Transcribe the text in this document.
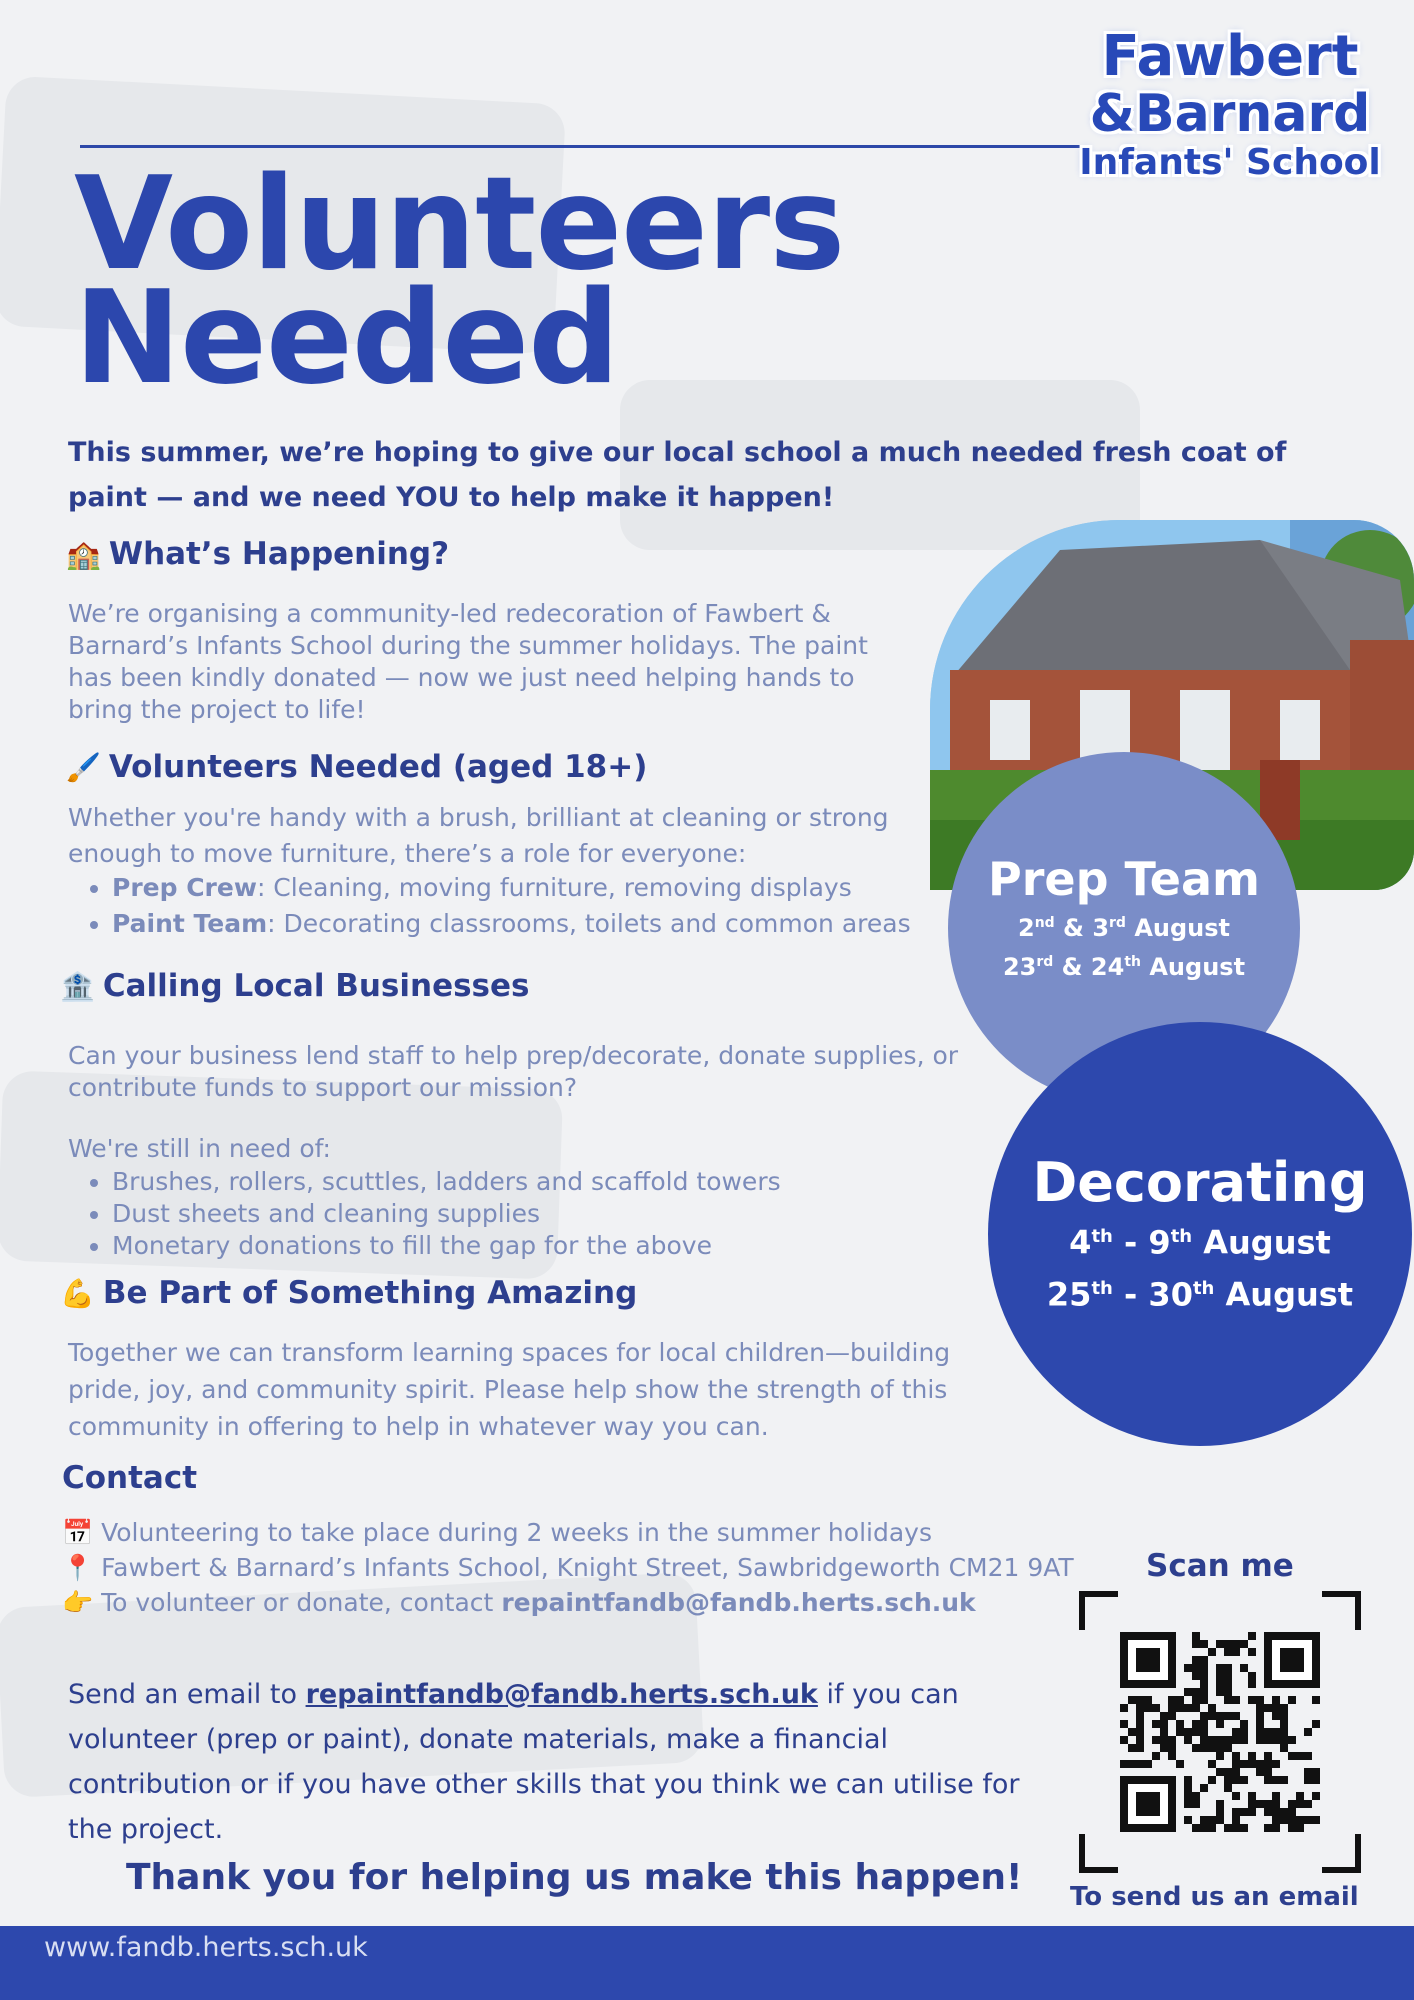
Fawbert
&Barnard
Infants' School
Volunteers
Needed

This summer, we’re hoping to give our local school a much needed fresh coat of paint — and we need YOU to help make it happen!

🏫 What’s Happening?

We’re organising a community-led redecoration of Fawbert & Barnard’s Infants School during the summer holidays. The paint has been kindly donated — now we just need helping hands to bring the project to life!

🖌️ Volunteers Needed (aged 18+)

Whether you're handy with a brush, brilliant at cleaning or strong enough to move furniture, there’s a role for everyone:

• Prep Crew: Cleaning, moving furniture, removing displays
• Paint Team: Decorating classrooms, toilets and common areas
🏦 Calling Local Businesses

Can your business lend staff to help prep/decorate, donate supplies, or contribute funds to support our mission?

We're still in need of:

• Brushes, rollers, scuttles, ladders and scaffold towers
• Dust sheets and cleaning supplies
• Monetary donations to fill the gap for the above
💪 Be Part of Something Amazing

Together we can transform learning spaces for local children—building pride, joy, and community spirit. Please help show the strength of this community in offering to help in whatever way you can.

Contact
📅 Volunteering to take place during 2 weeks in the summer holidays
📍 Fawbert & Barnard’s Infants School, Knight Street, Sawbridgeworth CM21 9AT
👉 To volunteer or donate, contact repaintfandb@fandb.herts.sch.uk

Send an email to repaintfandb@fandb.herts.sch.uk if you can volunteer (prep or paint), donate materials, make a financial contribution or if you have other skills that you think we can utilise for the project.

Thank you for helping us make this happen!

Prep Team
2nd & 3rd August
23rd & 24th August
Decorating
4th - 9th August
25th - 30th August
Scan me
To send us an email
www.fandb.herts.sch.uk
